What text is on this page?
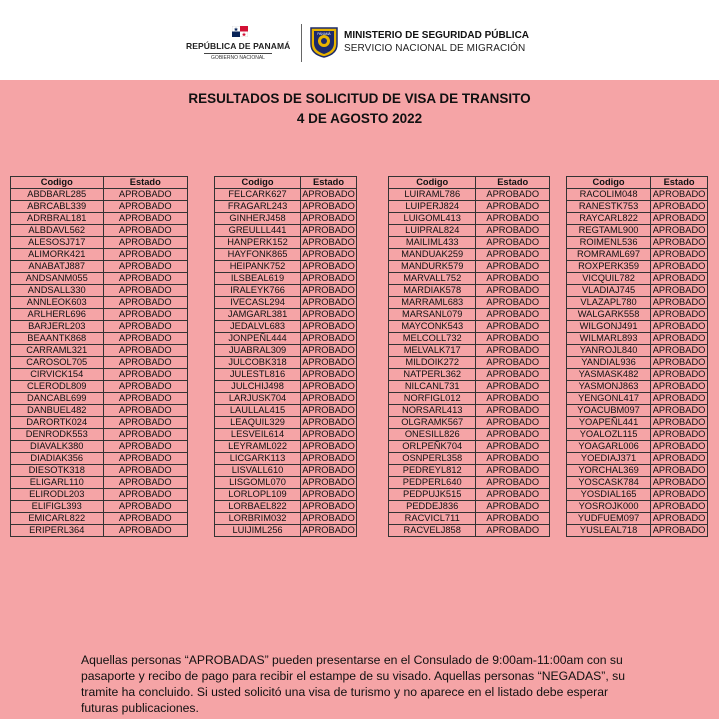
REPÚBLICA DE PANAMÁ
GOBIERNO NACIONAL
PANAMÁ MINISTERIO DE SEGURIDAD PÚBLICA
SERVICIO NACIONAL DE MIGRACIÓN
RESULTADOS DE SOLICITUD DE VISA DE TRANSITO
4 DE AGOSTO 2022
Codigo	Estado
ABDBARL285	APROBADO
ABRCABL339	APROBADO
ADRBRAL181	APROBADO
ALBDAVL562	APROBADO
ALESOSJ717	APROBADO
ALIMORK421	APROBADO
ANABATJ887	APROBADO
ANDSANM055	APROBADO
ANDSALL330	APROBADO
ANNLEOK603	APROBADO
ARLHERL696	APROBADO
BARJERL203	APROBADO
BEAANTK868	APROBADO
CARRAML321	APROBADO
CAROSOL705	APROBADO
CIRVICK154	APROBADO
CLERODL809	APROBADO
DANCABL699	APROBADO
DANBUEL482	APROBADO
DARORTK024	APROBADO
DENRODK553	APROBADO
DIAVALK380	APROBADO
DIADIAK356	APROBADO
DIESOTK318	APROBADO
ELIGARL110	APROBADO
ELIRODL203	APROBADO
ELIFIGL393	APROBADO
EMICARL822	APROBADO
ERIPERL364	APROBADO
Codigo	Estado
FELCARK627	APROBADO
FRAGARL243	APROBADO
GINHERJ458	APROBADO
GREULLL441	APROBADO
HANPERK152	APROBADO
HAYFONK865	APROBADO
HEIPANK752	APROBADO
ILSBEAL619	APROBADO
IRALEYK766	APROBADO
IVECASL294	APROBADO
JAMGARL381	APROBADO
JEDALVL683	APROBADO
JONPEÑL444	APROBADO
JUABRAL309	APROBADO
JULCOBK318	APROBADO
JULESTL816	APROBADO
JULCHIJ498	APROBADO
LARJUSK704	APROBADO
LAULLAL415	APROBADO
LEAQUIL329	APROBADO
LESVEIL614	APROBADO
LEYRAML022	APROBADO
LICGARK113	APROBADO
LISVALL610	APROBADO
LISGOML070	APROBADO
LORLOPL109	APROBADO
LORBAEL822	APROBADO
LORBRIM032	APROBADO
LUIJIML256	APROBADO
Codigo	Estado
LUIRAML786	APROBADO
LUIPERJ824	APROBADO
LUIGOML413	APROBADO
LUIPRAL824	APROBADO
MAILIML433	APROBADO
MANDUAK259	APROBADO
MANDURK579	APROBADO
MARVALL752	APROBADO
MARDIAK578	APROBADO
MARRAML683	APROBADO
MARSANL079	APROBADO
MAYCONK543	APROBADO
MELCOLL732	APROBADO
MELVALK717	APROBADO
MILDOIK272	APROBADO
NATPERL362	APROBADO
NILCANL731	APROBADO
NORFIGL012	APROBADO
NORSARL413	APROBADO
OLGRAMK567	APROBADO
ONESILL826	APROBADO
ORLPEÑK704	APROBADO
OSNPERL358	APROBADO
PEDREYL812	APROBADO
PEDPERL640	APROBADO
PEDPUJK515	APROBADO
PEDDEJ836	APROBADO
RACVICL711	APROBADO
RACVELJ858	APROBADO
Codigo	Estado
RACOLIM048	APROBADO
RANESTK753	APROBADO
RAYCARL822	APROBADO
REGTAML900	APROBADO
ROIMENL536	APROBADO
ROMRAML697	APROBADO
ROXPERK359	APROBADO
VICQUIL782	APROBADO
VLADIAJ745	APROBADO
VLAZAPL780	APROBADO
WALGARK558	APROBADO
WILGONJ491	APROBADO
WILMARL893	APROBADO
YANROJL840	APROBADO
YANDIAL936	APROBADO
YASMASK482	APROBADO
YASMONJ863	APROBADO
YENGONL417	APROBADO
YOACUBM097	APROBADO
YOAPEÑL441	APROBADO
YOALOZL115	APROBADO
YOAGARL006	APROBADO
YOEDIAJ371	APROBADO
YORCHAL369	APROBADO
YOSCASK784	APROBADO
YOSDIAL165	APROBADO
YOSROJK000	APROBADO
YUDFUEM097	APROBADO
YUSLEAL718	APROBADO
Aquellas personas “APROBADAS” pueden presentarse en el Consulado de 9:00am-11:00am con su pasaporte y recibo de pago para recibir el estampe de su visado. Aquellas personas “NEGADAS”, su tramite ha concluido. Si usted solicitó una visa de turismo y no aparece en el listado debe esperar futuras publicaciones.
